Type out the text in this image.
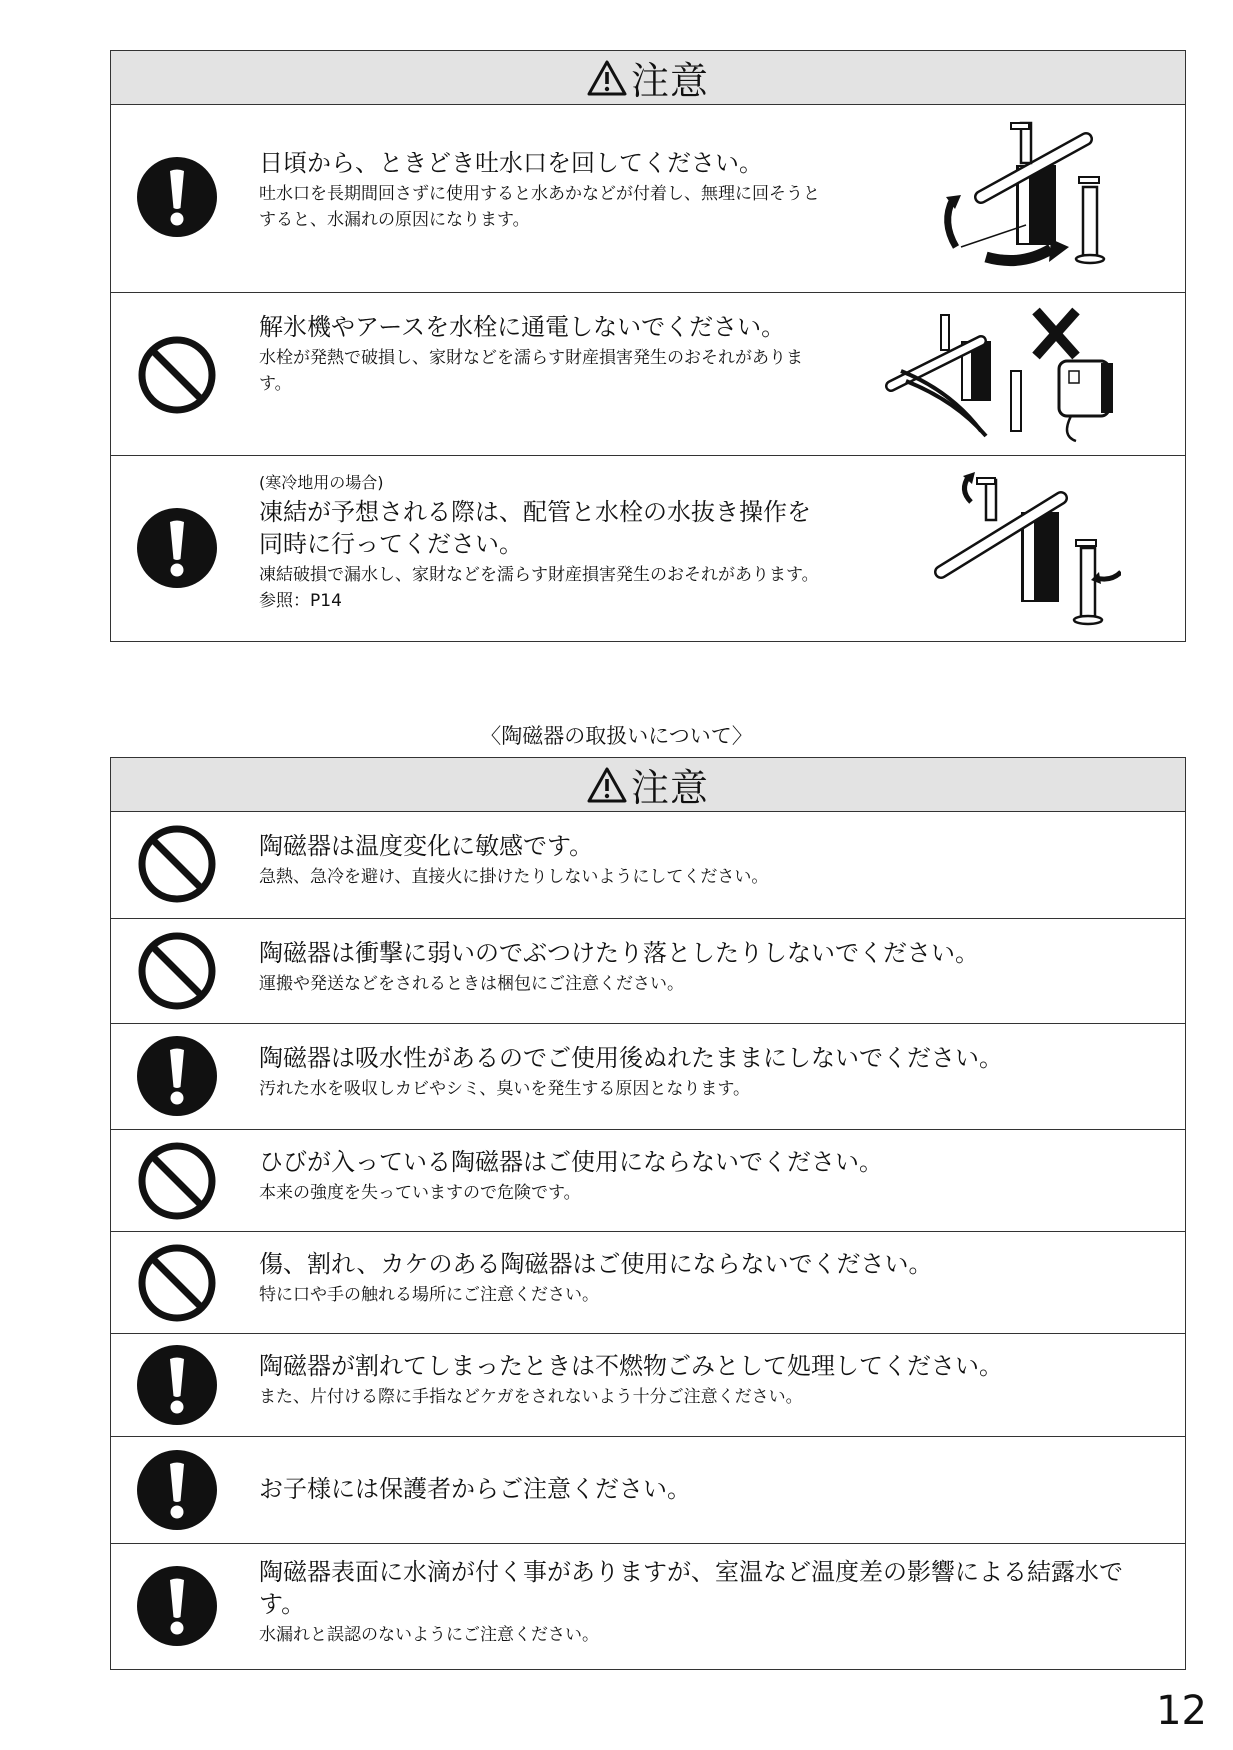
注意

日頃から、ときどき吐水口を回してください。

吐水口を長期間回さずに使用すると水あかなどが付着し、無理に回そうとすると、水漏れの原因になります。

解氷機やアースを水栓に通電しないでください。

水栓が発熱で破損し、家財などを濡らす財産損害発生のおそれがあります。

(寒冷地用の場合)

凍結が予想される際は、配管と水栓の水抜き操作を同時に行ってください。

凍結破損で漏水し、家財などを濡らす財産損害発生のおそれがあります。参照：P14

〈陶磁器の取扱いについて〉
注意

陶磁器は温度変化に敏感です。

急熱、急冷を避け、直接火に掛けたりしないようにしてください。

陶磁器は衝撃に弱いのでぶつけたり落としたりしないでください。

運搬や発送などをされるときは梱包にご注意ください。

陶磁器は吸水性があるのでご使用後ぬれたままにしないでください。

汚れた水を吸収しカビやシミ、臭いを発生する原因となります。

ひびが入っている陶磁器はご使用にならないでください。

本来の強度を失っていますので危険です。

傷、割れ、カケのある陶磁器はご使用にならないでください。

特に口や手の触れる場所にご注意ください。

陶磁器が割れてしまったときは不燃物ごみとして処理してください。

また、片付ける際に手指などケガをされないよう十分ご注意ください。

お子様には保護者からご注意ください。

陶磁器表面に水滴が付く事がありますが、室温など温度差の影響による結露水です。

水漏れと誤認のないようにご注意ください。

12
